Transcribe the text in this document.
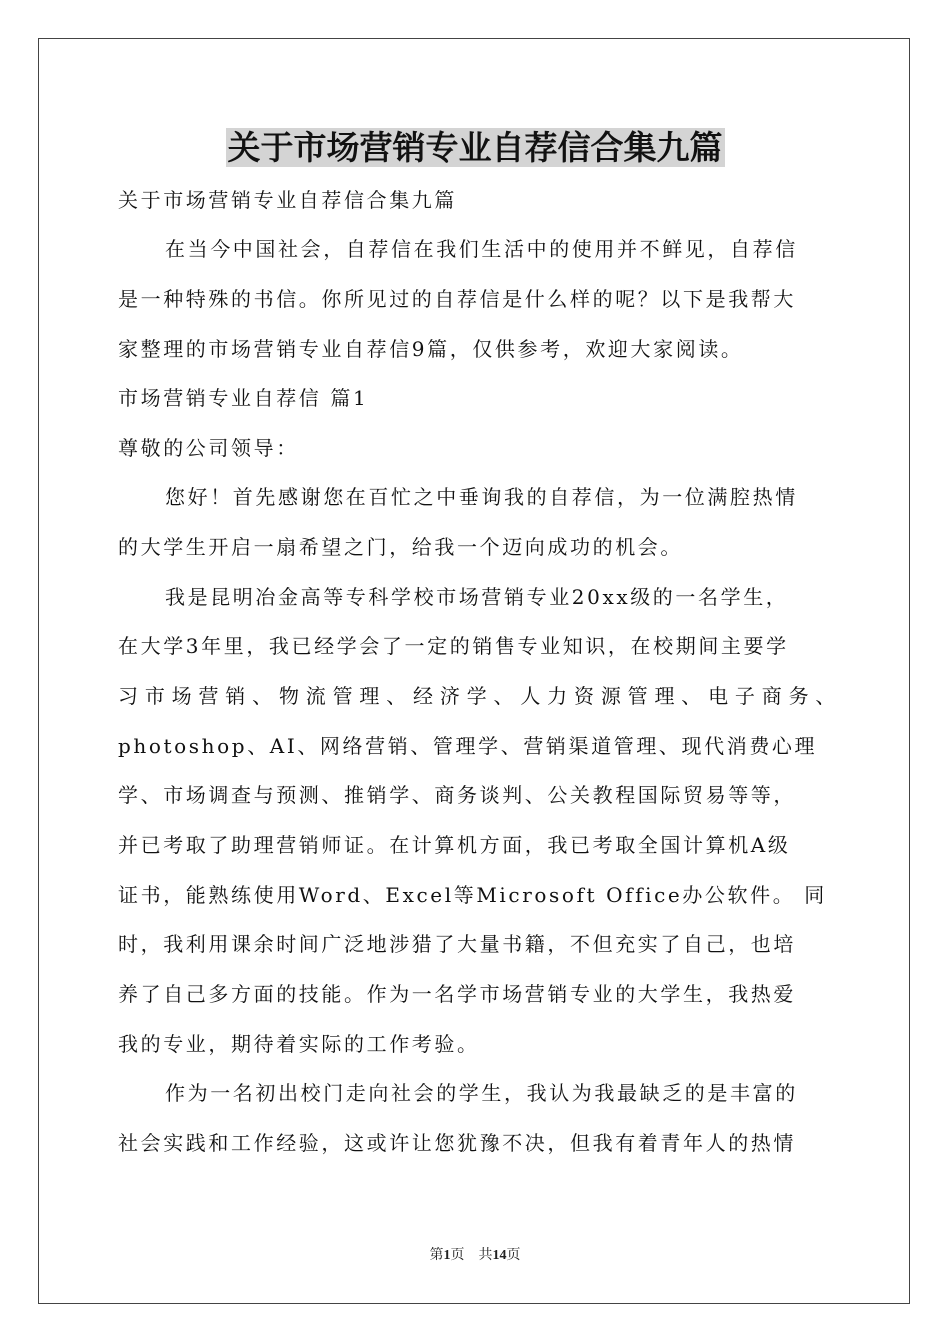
关于市场营销专业自荐信合集九篇

关于市场营销专业自荐信合集九篇

在当今中国社会，自荐信在我们生活中的使用并不鲜见，自荐信

是一种特殊的书信。你所见过的自荐信是什么样的呢？以下是我帮大

家整理的市场营销专业自荐信9篇，仅供参考，欢迎大家阅读。

市场营销专业自荐信 篇1

尊敬的公司领导：

您好！首先感谢您在百忙之中垂询我的自荐信，为一位满腔热情

的大学生开启一扇希望之门，给我一个迈向成功的机会。

我是昆明冶金高等专科学校市场营销专业20xx级的一名学生，

在大学3年里，我已经学会了一定的销售专业知识，在校期间主要学

习市场营销、物流管理、经济学、人力资源管理、电子商务、

photoshop、AI、网络营销、管理学、营销渠道管理、现代消费心理

学、市场调查与预测、推销学、商务谈判、公关教程国际贸易等等，

并已考取了助理营销师证。在计算机方面，我已考取全国计算机A级

证书，能熟练使用Word、Excel等Microsoft Office办公软件。 同

时，我利用课余时间广泛地涉猎了大量书籍，不但充实了自己，也培

养了自己多方面的技能。作为一名学市场营销专业的大学生，我热爱

我的专业，期待着实际的工作考验。

作为一名初出校门走向社会的学生，我认为我最缺乏的是丰富的

社会实践和工作经验，这或许让您犹豫不决，但我有着青年人的热情

第1页　共14页
